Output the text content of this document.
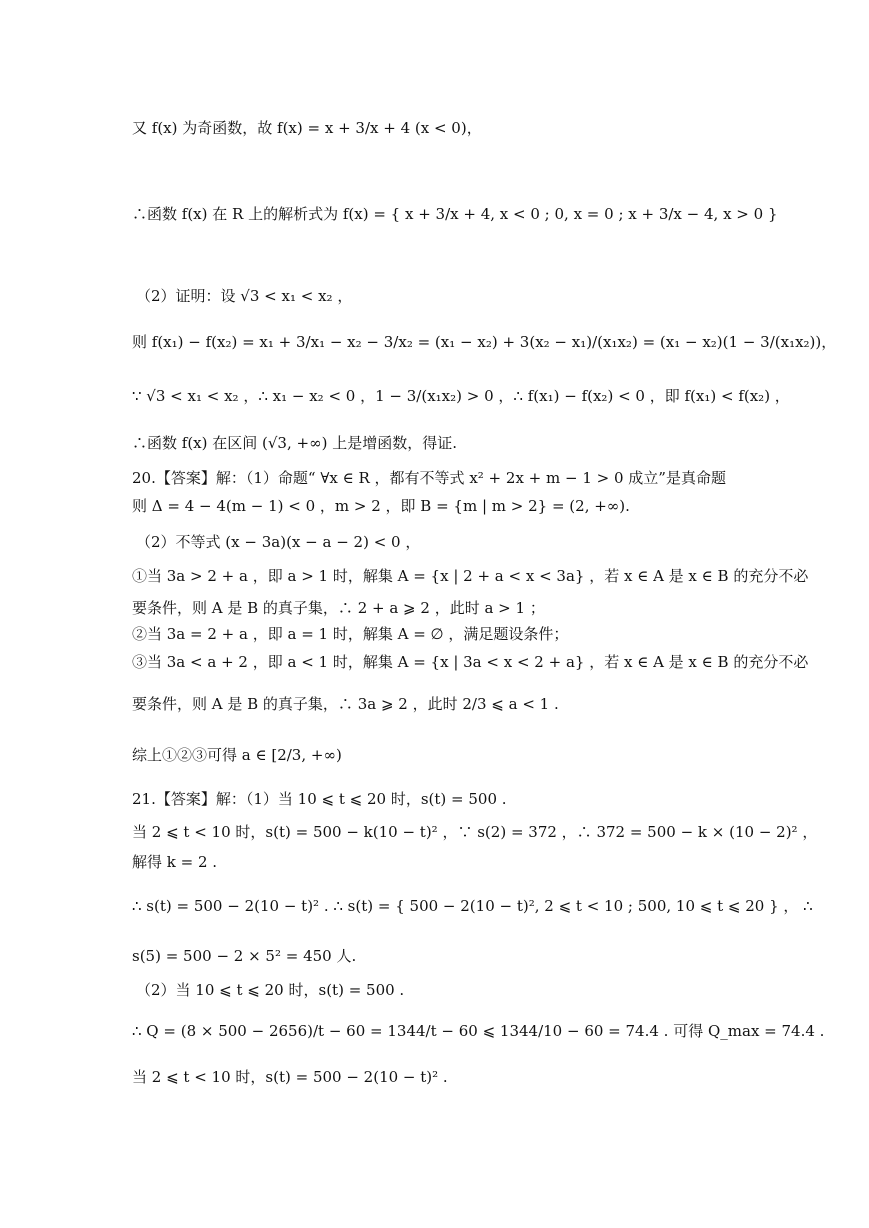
又 f(x) 为奇函数，故 f(x) = x + 3/x + 4 (x < 0)，
∴函数 f(x) 在 R 上的解析式为 f(x) = { x + 3/x + 4, x < 0 ; 0, x = 0 ; x + 3/x − 4, x > 0 }
（2）证明：设 √3 < x₁ < x₂ ，
则 f(x₁) − f(x₂) = x₁ + 3/x₁ − x₂ − 3/x₂ = (x₁ − x₂) + 3(x₂ − x₁)/(x₁x₂) = (x₁ − x₂)(1 − 3/(x₁x₂))，
∵ √3 < x₁ < x₂ ，∴ x₁ − x₂ < 0 ，1 − 3/(x₁x₂) > 0 ，∴ f(x₁) − f(x₂) < 0 ，即 f(x₁) < f(x₂) ，
∴函数 f(x) 在区间 (√3, +∞) 上是增函数，得证.
20.【答案】解：（1）命题“ ∀x ∈ R ，都有不等式 x² + 2x + m − 1 > 0 成立”是真命题
则 Δ = 4 − 4(m − 1) < 0 ，m > 2 ，即 B = {m | m > 2} = (2, +∞).
（2）不等式 (x − 3a)(x − a − 2) < 0 ，
①当 3a > 2 + a ，即 a > 1 时，解集 A = {x | 2 + a < x < 3a} ，若 x ∈ A 是 x ∈ B 的充分不必
要条件，则 A 是 B 的真子集，∴ 2 + a ⩾ 2 ，此时 a > 1 ；
②当 3a = 2 + a ，即 a = 1 时，解集 A = ∅ ，满足题设条件；
③当 3a < a + 2 ，即 a < 1 时，解集 A = {x | 3a < x < 2 + a} ，若 x ∈ A 是 x ∈ B 的充分不必
要条件，则 A 是 B 的真子集，∴ 3a ⩾ 2 ，此时 2/3 ⩽ a < 1 .
综上①②③可得 a ∈ [2/3, +∞)
21.【答案】解：（1）当 10 ⩽ t ⩽ 20 时，s(t) = 500 .
当 2 ⩽ t < 10 时，s(t) = 500 − k(10 − t)² ，∵ s(2) = 372 ，∴ 372 = 500 − k × (10 − 2)² ，
解得 k = 2 .
∴ s(t) = 500 − 2(10 − t)² . ∴ s(t) = { 500 − 2(10 − t)², 2 ⩽ t < 10 ; 500, 10 ⩽ t ⩽ 20 } ， ∴
s(5) = 500 − 2 × 5² = 450 人.
（2）当 10 ⩽ t ⩽ 20 时，s(t) = 500 .
∴ Q = (8 × 500 − 2656)/t − 60 = 1344/t − 60 ⩽ 1344/10 − 60 = 74.4 . 可得 Q_max = 74.4 .
当 2 ⩽ t < 10 时，s(t) = 500 − 2(10 − t)² .
